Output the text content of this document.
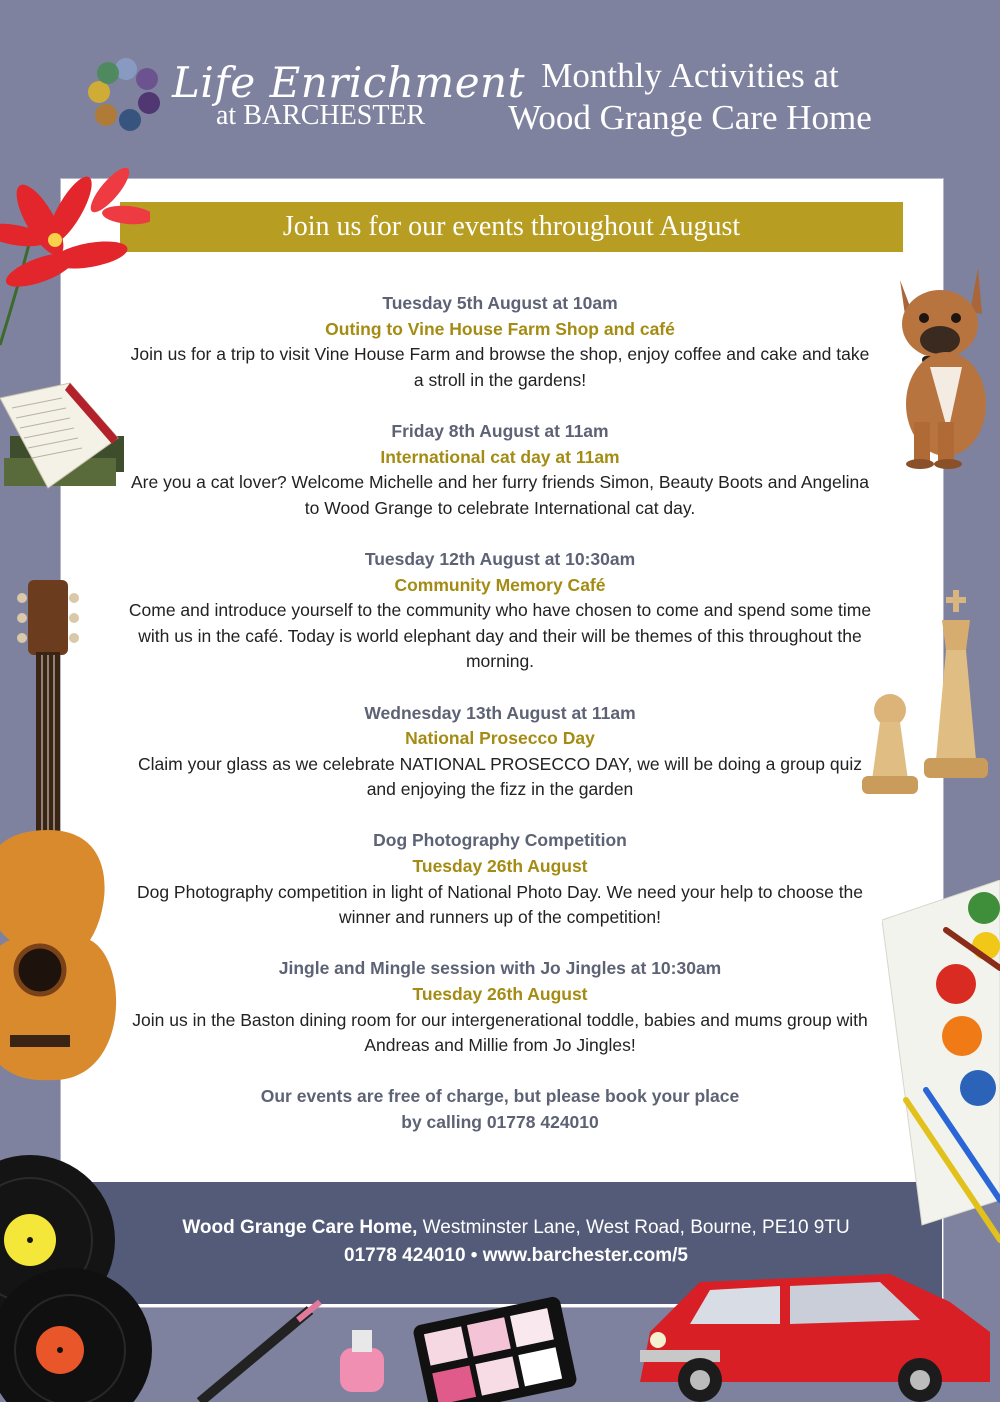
Life Enrichment
at BARCHESTER
Monthly Activities at
Wood Grange Care Home
Join us for our events throughout August
Tuesday 5th August at 10am
Outing to Vine House Farm Shop and café
Join us for a trip to visit Vine House Farm and browse the shop, enjoy coffee and cake and take a stroll in the gardens!
Friday 8th August at 11am
International cat day at 11am
Are you a cat lover? Welcome Michelle and her furry friends Simon, Beauty Boots and Angelina to Wood Grange to celebrate International cat day.
Tuesday 12th August at 10:30am
Community Memory Café
Come and introduce yourself to the community who have chosen to come and spend some time with us in the café. Today is world elephant day and their will be themes of this throughout the morning.
Wednesday 13th August at 11am
National Prosecco Day
Claim your glass as we celebrate NATIONAL PROSECCO DAY, we will be doing a group quiz and enjoying the fizz in the garden
Dog Photography Competition
Tuesday 26th August
Dog Photography competition in light of National Photo Day. We need your help to choose the winner and runners up of the competition!
Jingle and Mingle session with Jo Jingles at 10:30am
Tuesday 26th August
Join us in the Baston dining room for our intergenerational toddle, babies and mums group with Andreas and Millie from Jo Jingles!
Our events are free of charge, but please book your place
by calling 01778 424010
Wood Grange Care Home, Westminster Lane, West Road, Bourne, PE10 9TU
01778 424010 • www.barchester.com/5
